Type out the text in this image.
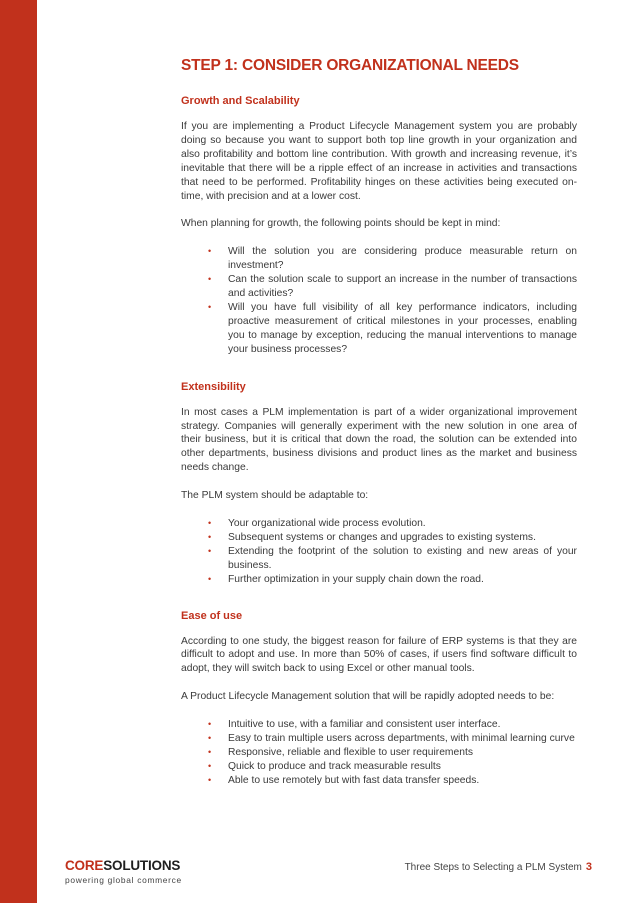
STEP 1: CONSIDER ORGANIZATIONAL NEEDS
Growth and Scalability

If you are implementing a Product Lifecycle Management system you are probably doing so because you want to support both top line growth in your organization and also profitability and bottom line contribution. With growth and increasing revenue, it’s inevitable that there will be a ripple effect of an increase in activities and transactions that need to be performed. Profitability hinges on these activities being executed on-time, with precision and at a lower cost.

When planning for growth, the following points should be kept in mind:

• Will the solution you are considering produce measurable return on investment?
• Can the solution scale to support an increase in the number of transactions and activities?
• Will you have full visibility of all key performance indicators, including proactive measurement of critical milestones in your processes, enabling you to manage by exception, reducing the manual interventions to manage your business processes?
Extensibility

In most cases a PLM implementation is part of a wider organizational improvement strategy. Companies will generally experiment with the new solution in one area of their business, but it is critical that down the road, the solution can be extended into other departments, business divisions and product lines as the market and business needs change.

The PLM system should be adaptable to:

• Your organizational wide process evolution.
• Subsequent systems or changes and upgrades to existing systems.
• Extending the footprint of the solution to existing and new areas of your business.
• Further optimization in your supply chain down the road.
Ease of use

According to one study, the biggest reason for failure of ERP systems is that they are difficult to adopt and use. In more than 50% of cases, if users find software difficult to adopt, they will switch back to using Excel or other manual tools.

A Product Lifecycle Management solution that will be rapidly adopted needs to be:

• Intuitive to use, with a familiar and consistent user interface.
• Easy to train multiple users across departments, with minimal learning curve
• Responsive, reliable and flexible to user requirements
• Quick to produce and track measurable results
• Able to use remotely but with fast data transfer speeds.
CORESOLUTIONS
powering global commerce
Three Steps to Selecting a PLM System 3
